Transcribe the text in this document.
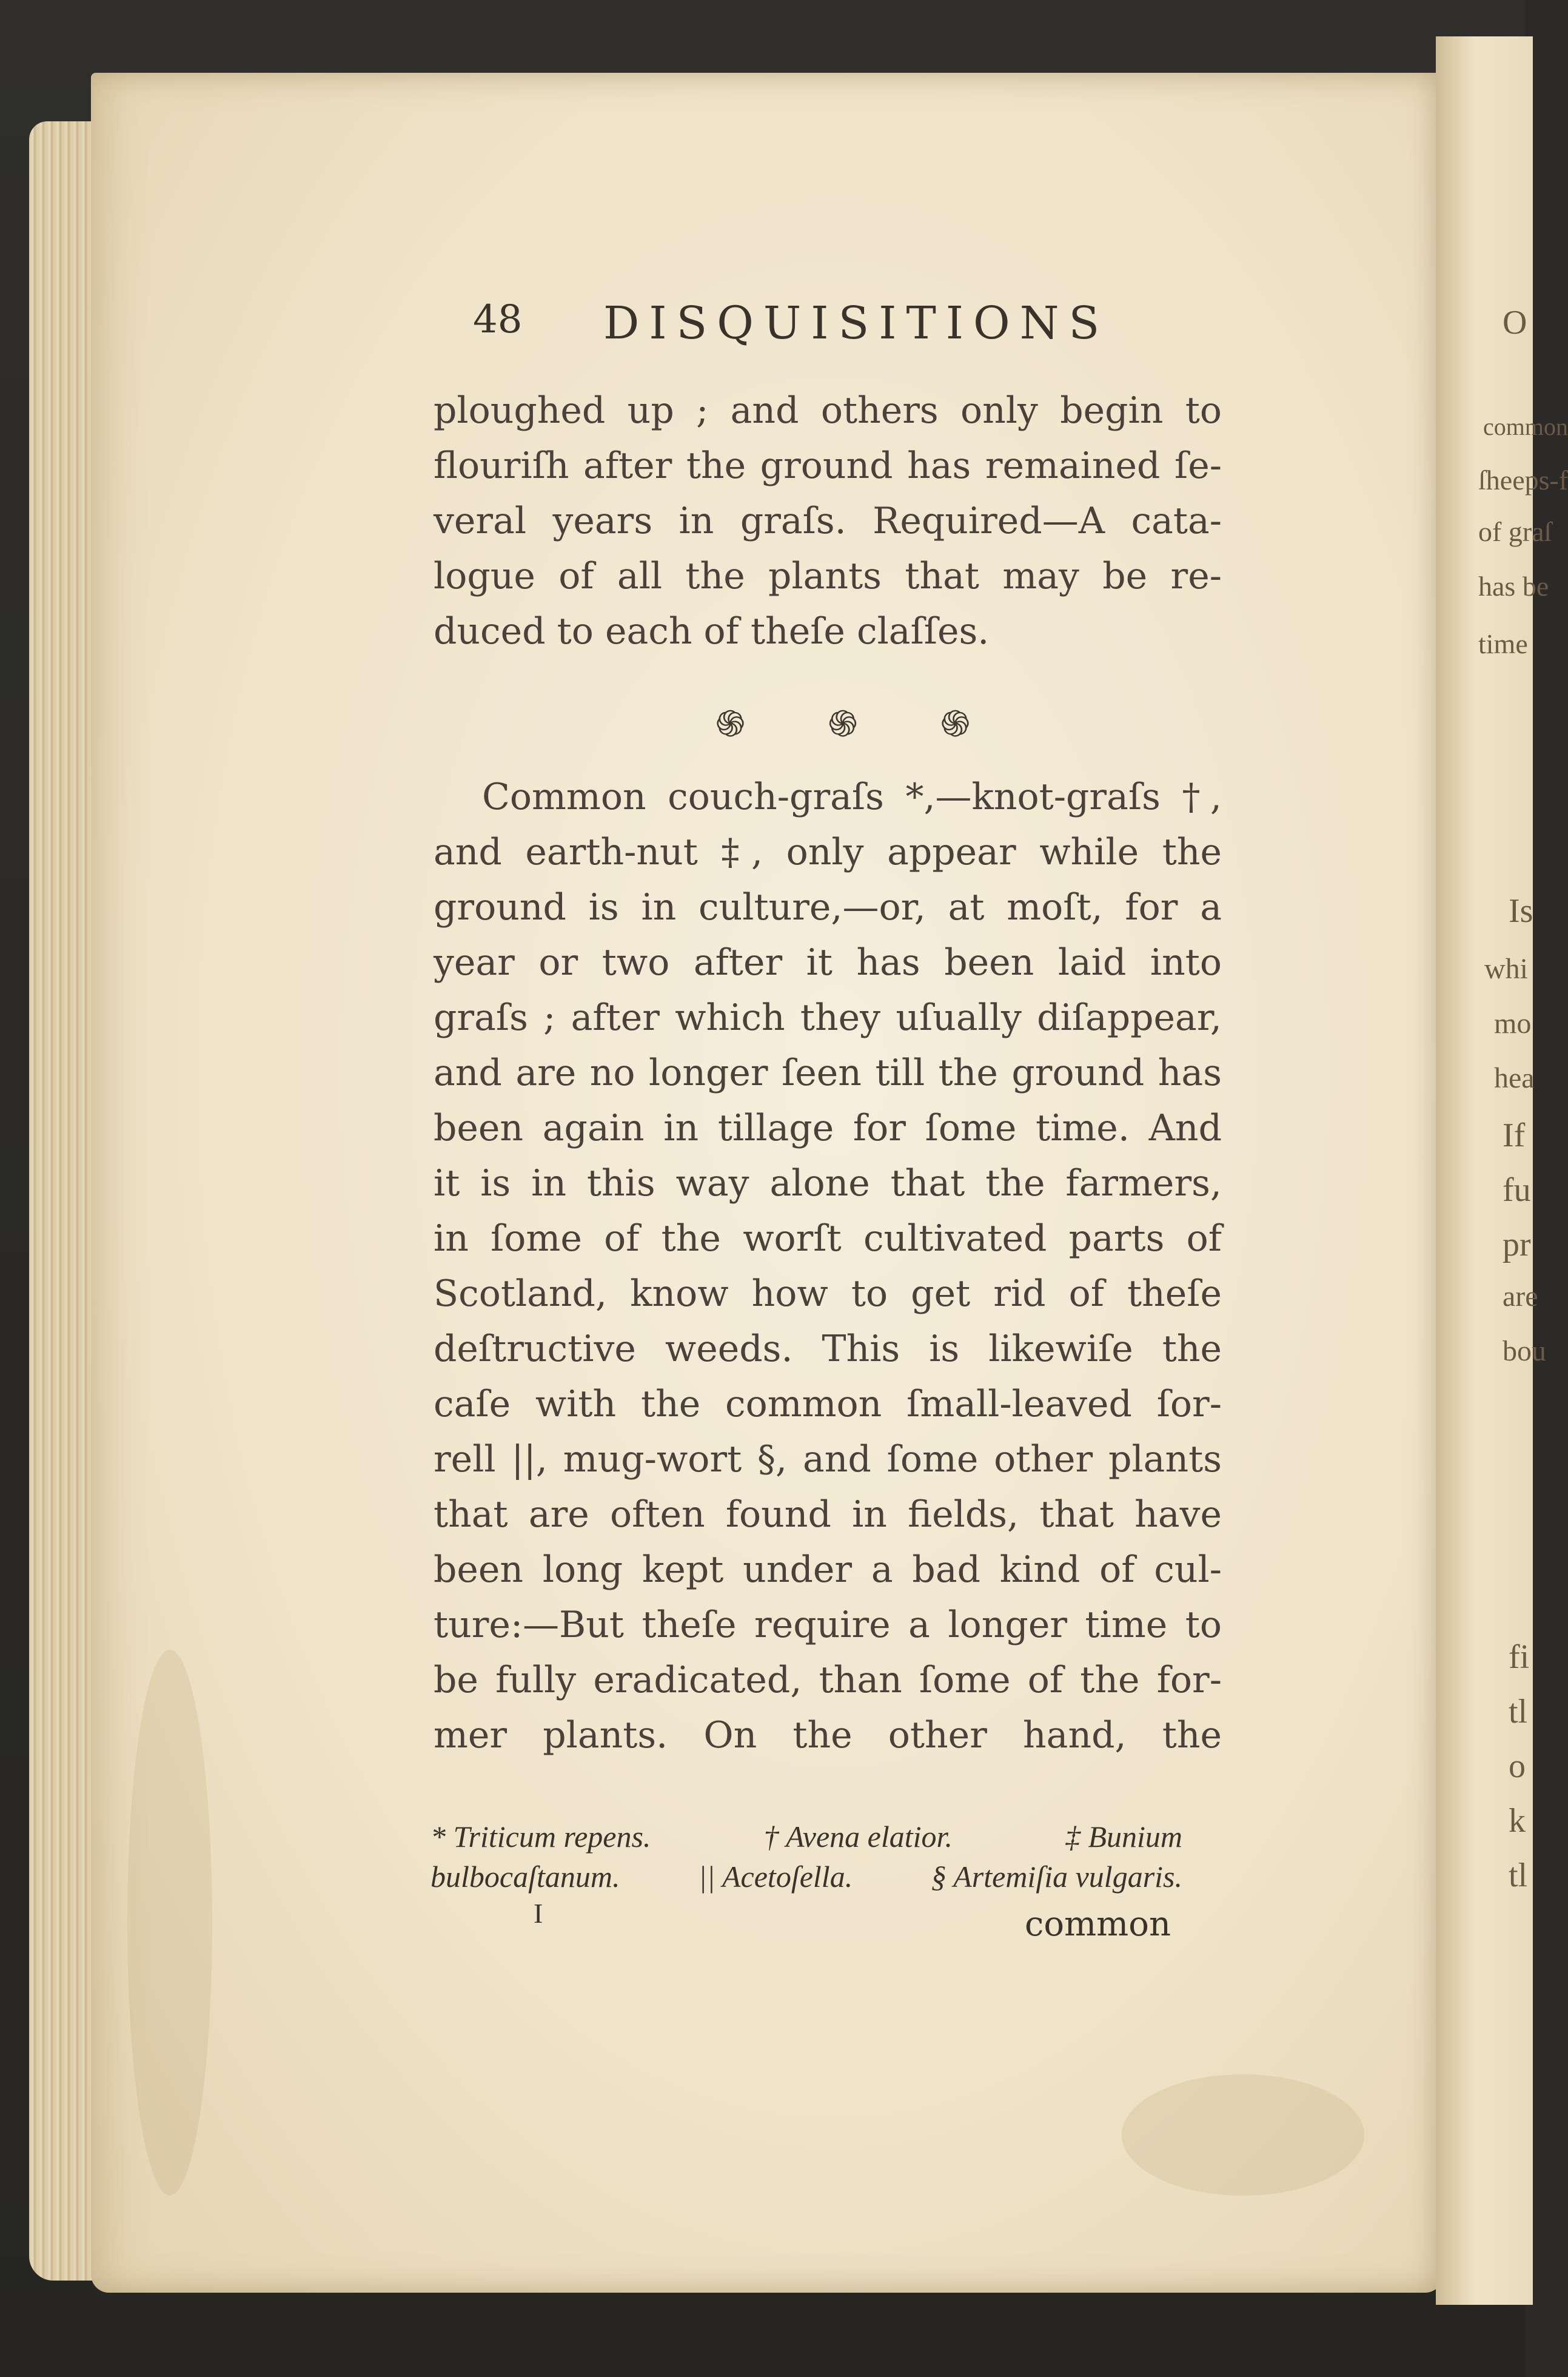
O
common
ſheeps-f
of graſ
has be
time
Is
whi
mo
hea
If
fu
pr
are
bou
fi
tl
o
k
tl
48 DISQUISITIONS
ploughed up ; and others only begin to
flouriſh after the ground has remained ſe-
veral years in graſs. Required—A cata-
logue of all the plants that may be re-
duced to each of theſe claſſes.
Common couch-graſs *,—knot-graſs †,
and earth-nut ‡, only appear while the
ground is in culture,—or, at moſt, for a
year or two after it has been laid into
graſs ; after which they uſually diſappear,
and are no longer ſeen till the ground has
been again in tillage for ſome time. And
it is in this way alone that the farmers,
in ſome of the worſt cultivated parts of
Scotland, know how to get rid of theſe
deſtructive weeds. This is likewiſe the
caſe with the common ſmall-leaved ſor-
rell ||, mug-wort §, and ſome other plants
that are often found in fields, that have
been long kept under a bad kind of cul-
ture:—But theſe require a longer time to
be fully eradicated, than ſome of the for-
mer plants. On the other hand, the
֍ ֍ ֍
* Triticum repens.	† Avena elatior.	‡ Bunium
bulbocaſtanum.	|| Acetoſella.	§ Artemiſia vulgaris.
I	common
